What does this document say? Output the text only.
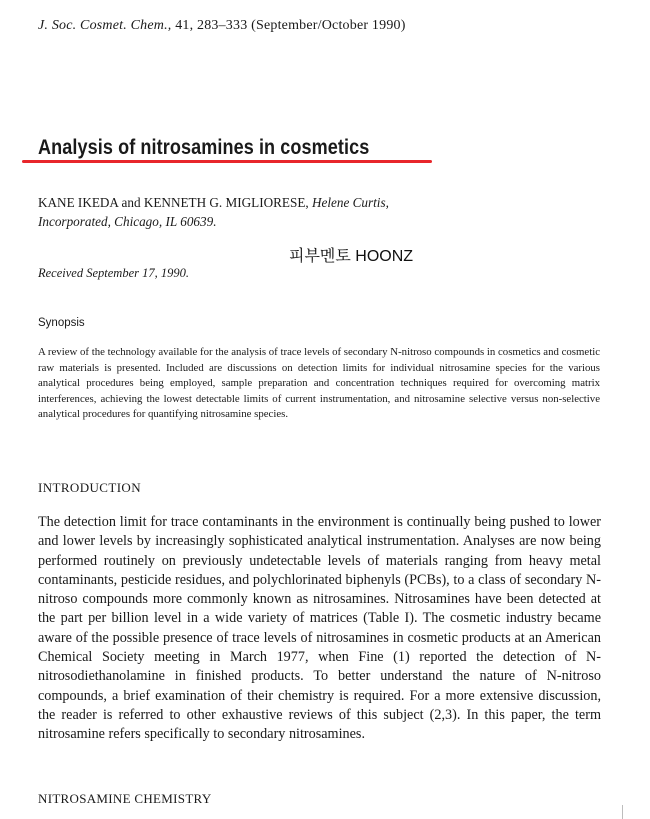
J. Soc. Cosmet. Chem., 41, 283–333 (September/October 1990)
Analysis of nitrosamines in cosmetics
KANE IKEDA and KENNETH G. MIGLIORESE, Helene Curtis,
Incorporated, Chicago, IL 60639.
피부멘토 HOONZ
Received September 17, 1990.
Synopsis
A review of the technology available for the analysis of trace levels of secondary N-nitroso compounds in cosmetics and cosmetic raw materials is presented. Included are discussions on detection limits for individual nitrosamine species for the various analytical procedures being employed, sample preparation and concentration techniques required for overcoming matrix interferences, achieving the lowest detectable limits of current instrumentation, and nitrosamine selective versus non-selective analytical procedures for quantifying nitrosamine species.
INTRODUCTION
The detection limit for trace contaminants in the environment is continually being pushed to lower and lower levels by increasingly sophisticated analytical instrumentation. Analyses are now being performed routinely on previously undetectable levels of materials ranging from heavy metal contaminants, pesticide residues, and polychlorinated biphenyls (PCBs), to a class of secondary N-nitroso compounds more commonly known as nitrosamines. Nitrosamines have been detected at the part per billion level in a wide variety of matrices (Table I). The cosmetic industry became aware of the possible presence of trace levels of nitrosamines in cosmetic products at an American Chemical Society meeting in March 1977, when Fine (1) reported the detection of N-nitrosodiethanolamine in finished products. To better understand the nature of N-nitroso compounds, a brief examination of their chemistry is required. For a more extensive discussion, the reader is referred to other exhaustive reviews of this subject (2,3). In this paper, the term nitrosamine refers specifically to secondary nitrosamines.
NITROSAMINE CHEMISTRY
